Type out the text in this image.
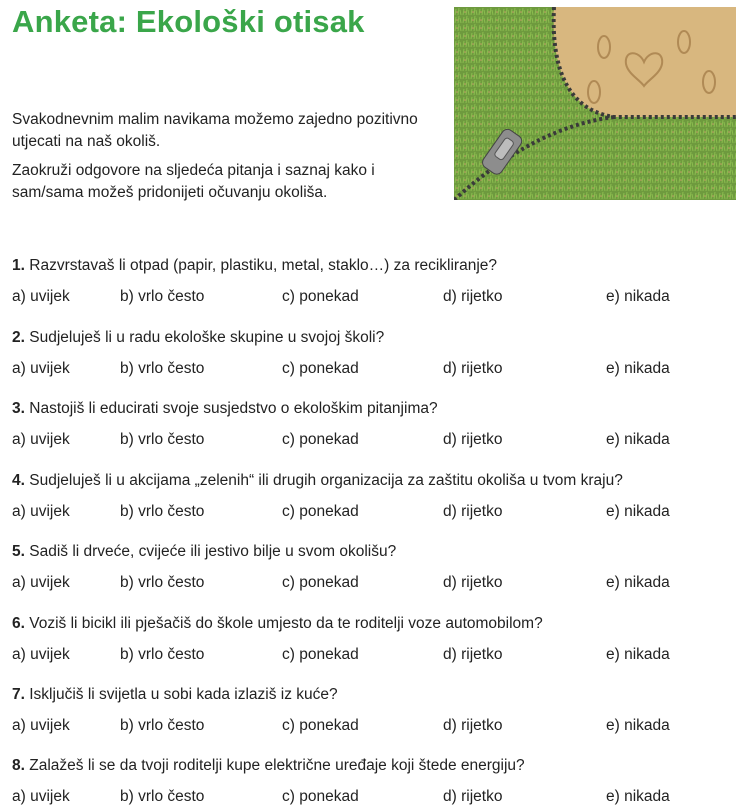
Anketa: Ekološki otisak

Svakodnevnim malim navikama možemo zajedno pozitivno utjecati na naš okoliš.

Zaokruži odgovore na sljedeća pitanja i saznaj kako i sam/sama možeš pridonijeti očuvanju okoliša.

1. Razvrstavaš li otpad (papir, plastiku, metal, staklo…) za recikliranje?

a) uvijek	b) vrlo često	c) ponekad	d) rijetko	e) nikada

2. Sudjeluješ li u radu ekološke skupine u svojoj školi?

a) uvijek	b) vrlo često	c) ponekad	d) rijetko	e) nikada

3. Nastojiš li educirati svoje susjedstvo o ekološkim pitanjima?

a) uvijek	b) vrlo često	c) ponekad	d) rijetko	e) nikada

4. Sudjeluješ li u akcijama „zelenih“ ili drugih organizacija za zaštitu okoliša u tvom kraju?

a) uvijek	b) vrlo često	c) ponekad	d) rijetko	e) nikada

5. Sadiš li drveće, cvijeće ili jestivo bilje u svom okolišu?

a) uvijek	b) vrlo često	c) ponekad	d) rijetko	e) nikada

6. Voziš li bicikl ili pješačiš do škole umjesto da te roditelji voze automobilom?

a) uvijek	b) vrlo često	c) ponekad	d) rijetko	e) nikada

7. Isključiš li svijetla u sobi kada izlaziš iz kuće?

a) uvijek	b) vrlo često	c) ponekad	d) rijetko	e) nikada

8. Zalažeš li se da tvoji roditelji kupe električne uređaje koji štede energiju?

a) uvijek	b) vrlo često	c) ponekad	d) rijetko	e) nikada
